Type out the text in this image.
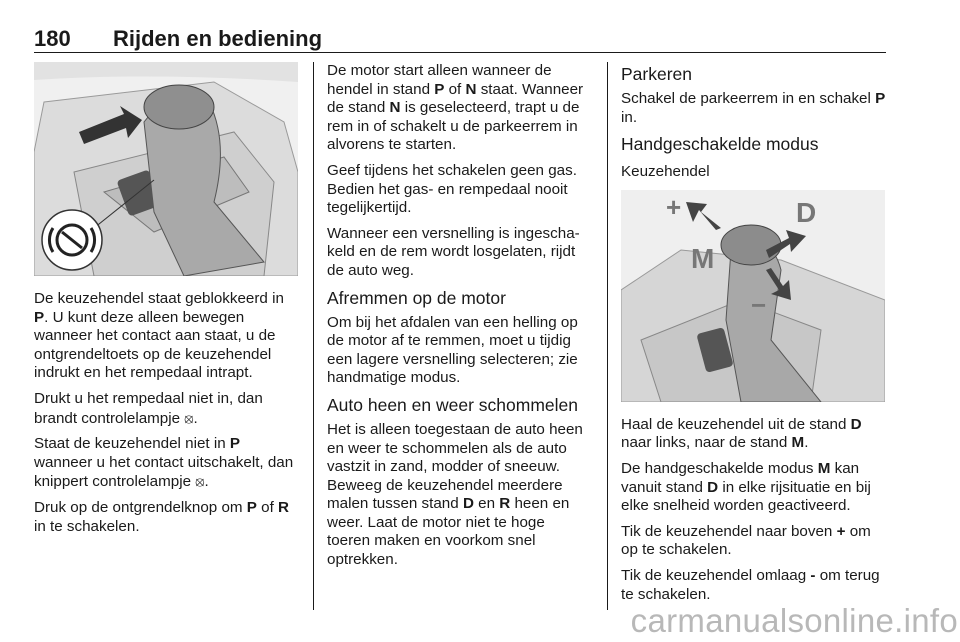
180 Rijden en bediening

De keuzehendel staat geblokkeerd in P. U kunt deze alleen bewegen wanneer het contact aan staat, u de ontgrendeltoets op de keuzehendel indrukt en het rempedaal intrapt.

Drukt u het rempedaal niet in, dan brandt controlelampje ⦻.

Staat de keuzehendel niet in P wanneer u het contact uitschakelt, dan knippert controlelampje ⦻.

Druk op de ontgrendelknop om P of R in te schakelen.

De motor start alleen wanneer de hendel in stand P of N staat. Wanneer de stand N is geselecteerd, trapt u de rem in of schakelt u de parkeerrem in alvorens te starten.

Geef tijdens het schakelen geen gas. Bedien het gas- en rempedaal nooit tegelijkertijd.

Wanneer een versnelling is ingeschakeld en de rem wordt losgelaten, rijdt de auto weg.

Afremmen op de motor

Om bij het afdalen van een helling op de motor af te remmen, moet u tijdig een lagere versnelling selecteren; zie handmatige modus.

Auto heen en weer schommelen

Het is alleen toegestaan de auto heen en weer te schommelen als de auto vastzit in zand, modder of sneeuw. Beweeg de keuzehendel meerdere malen tussen stand D en R heen en weer. Laat de motor niet te hoge toeren maken en voorkom snel optrekken.

Parkeren

Schakel de parkeerrem in en schakel P in.

Handgeschakelde modus
Keuzehendel
+	D
M
−

Haal de keuzehendel uit de stand D naar links, naar de stand M.

De handgeschakelde modus M kan vanuit stand D in elke rijsituatie en bij elke snelheid worden geactiveerd.

Tik de keuzehendel naar boven + om op te schakelen.

Tik de keuzehendel omlaag - om terug te schakelen.

carmanualsonline.info
